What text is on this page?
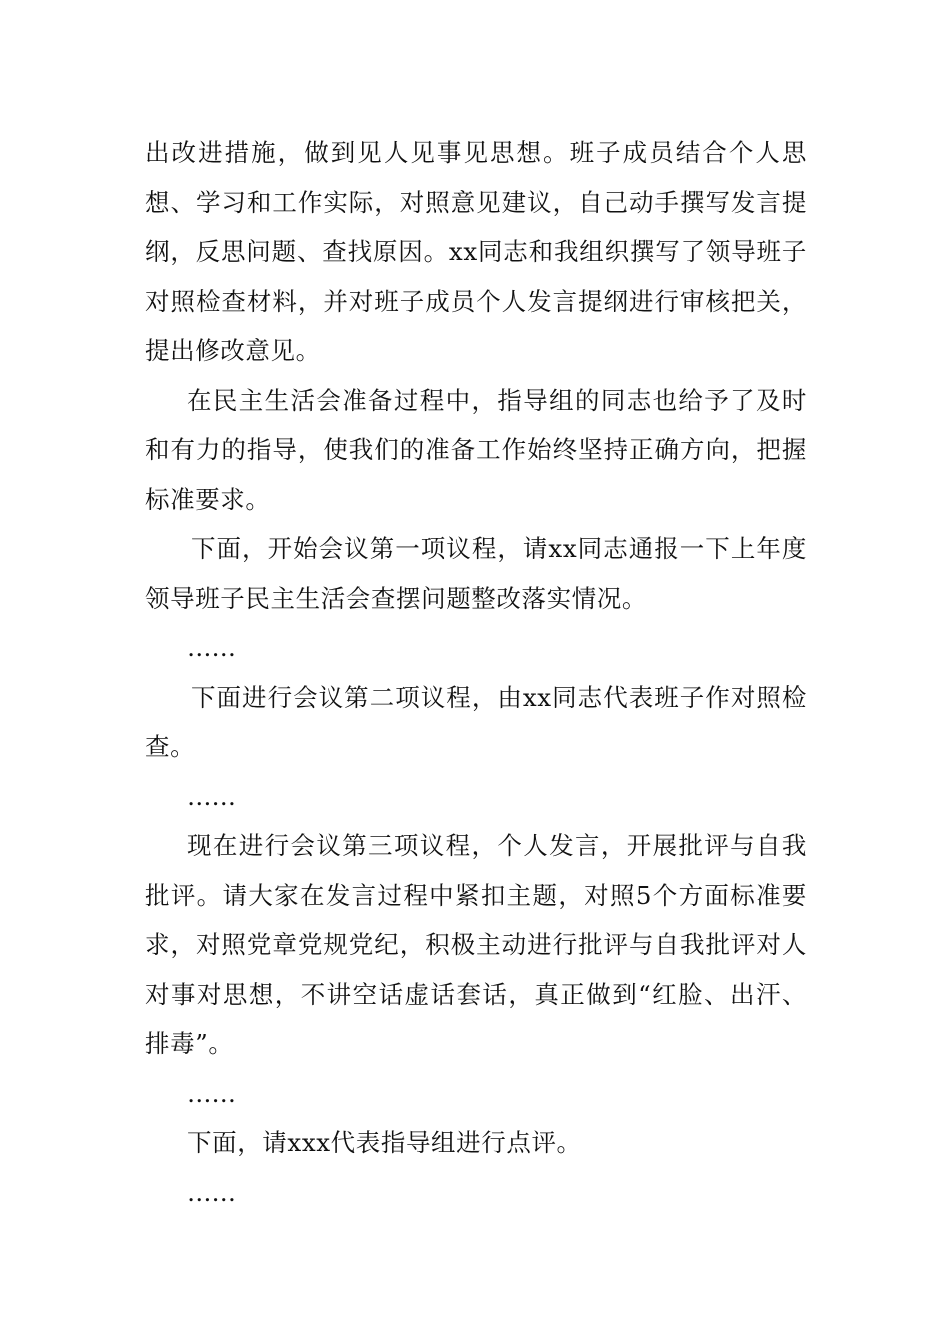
出改进措施，做到见人见事见思想。班子成员结合个人思想、学习和工作实际，对照意见建议，自己动手撰写发言提纲，反思问题、查找原因。xx同志和我组织撰写了领导班子对照检查材料，并对班子成员个人发言提纲进行审核把关，提出修改意见。

在民主生活会准备过程中，指导组的同志也给予了及时和有力的指导，使我们的准备工作始终坚持正确方向，把握标准要求。

下面，开始会议第一项议程，请xx同志通报一下上年度领导班子民主生活会查摆问题整改落实情况。

……

下面进行会议第二项议程，由xx同志代表班子作对照检查。

……

现在进行会议第三项议程，个人发言，开展批评与自我批评。请大家在发言过程中紧扣主题，对照5个方面标准要求，对照党章党规党纪，积极主动进行批评与自我批评对人对事对思想，不讲空话虚话套话，真正做到“红脸、出汗、排毒”。

……

下面，请xxx代表指导组进行点评。

……
